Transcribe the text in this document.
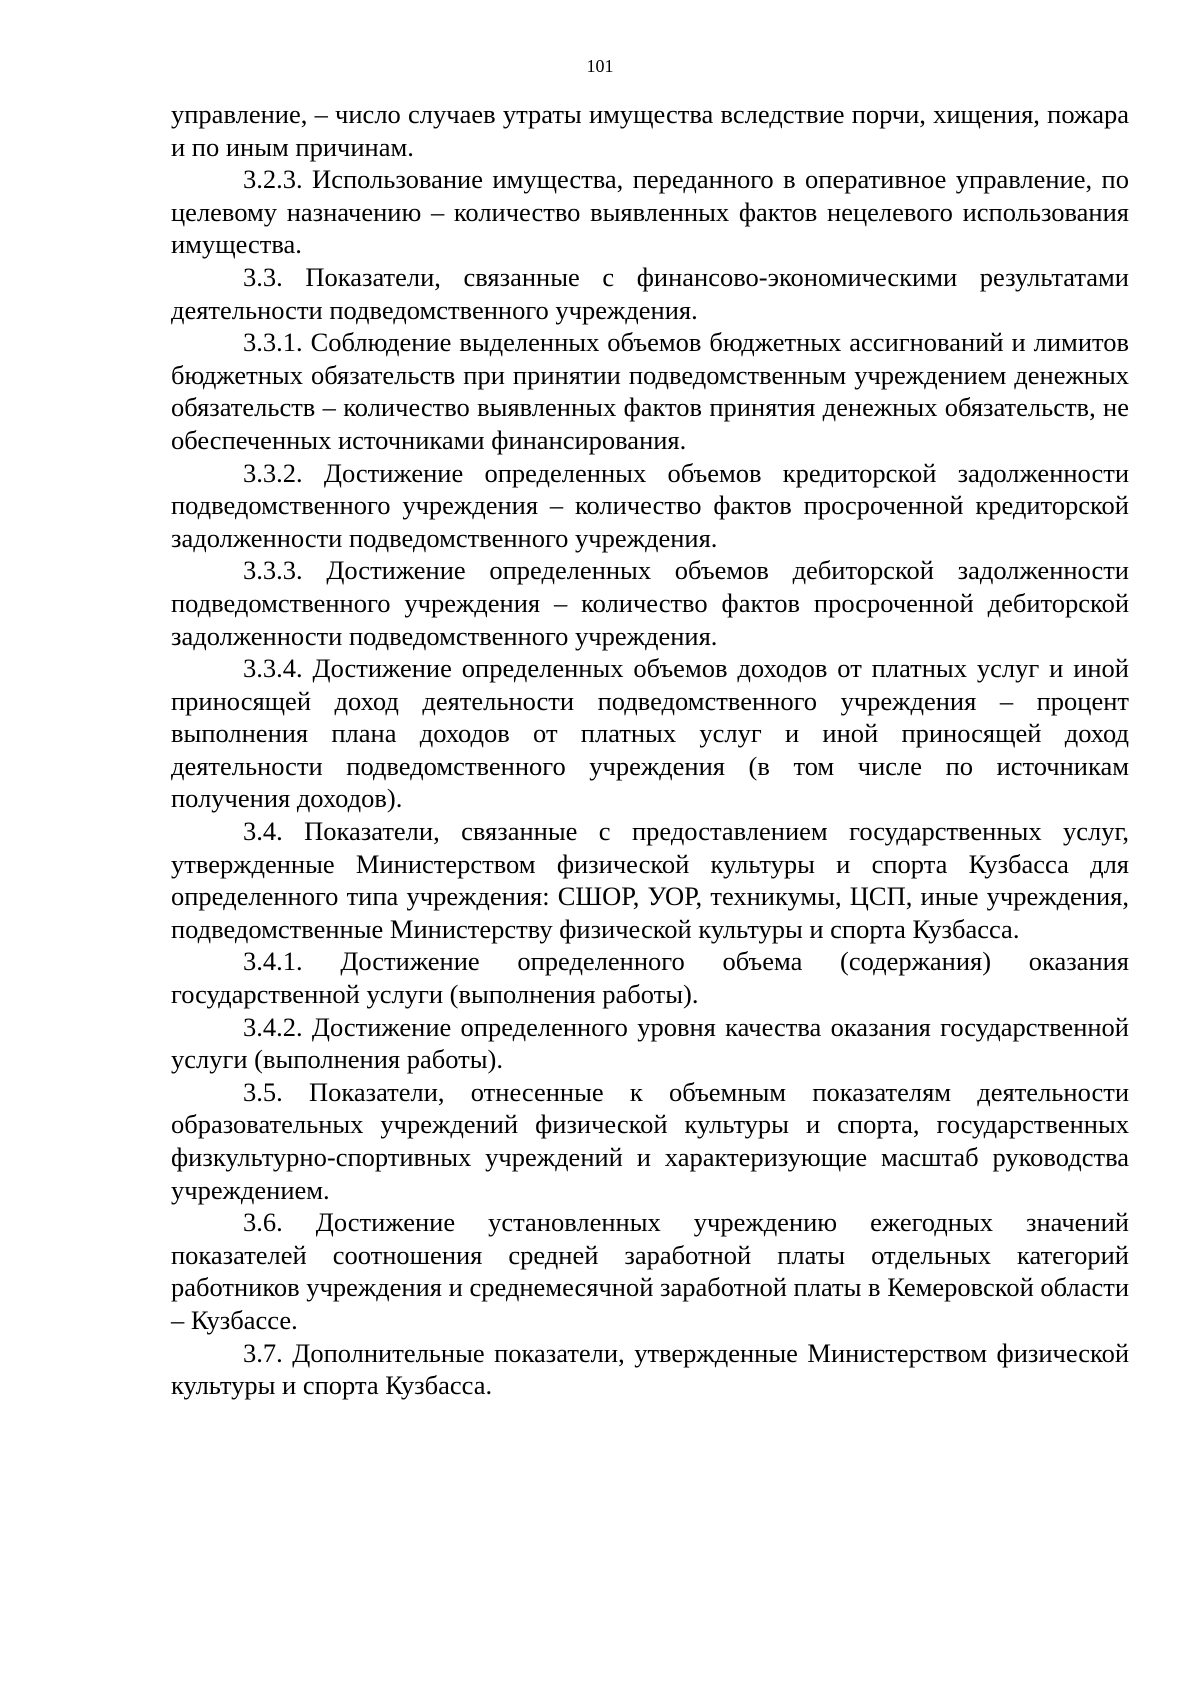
101

управление, – число случаев утраты имущества вследствие порчи, хищения, пожара и по иным причинам.

3.2.3. Использование имущества, переданного в оперативное управление, по целевому назначению – количество выявленных фактов нецелевого использования имущества.

3.3. Показатели, связанные с финансово-экономическими результатами деятельности подведомственного учреждения.

3.3.1. Соблюдение выделенных объемов бюджетных ассигнований и лимитов бюджетных обязательств при принятии подведомственным учреждением денежных обязательств – количество выявленных фактов принятия денежных обязательств, не обеспеченных источниками финансирования.

3.3.2. Достижение определенных объемов кредиторской задолженности подведомственного учреждения – количество фактов просроченной кредиторской задолженности подведомственного учреждения.

3.3.3. Достижение определенных объемов дебиторской задолженности подведомственного учреждения – количество фактов просроченной дебиторской задолженности подведомственного учреждения.

3.3.4. Достижение определенных объемов доходов от платных услуг и иной приносящей доход деятельности подведомственного учреждения – процент выполнения плана доходов от платных услуг и иной приносящей доход деятельности подведомственного учреждения (в том числе по источникам получения доходов).

3.4. Показатели, связанные с предоставлением государственных услуг, утвержденные Министерством физической культуры и спорта Кузбасса для определенного типа учреждения: СШОР, УОР, техникумы, ЦСП, иные учреждения, подведомственные Министерству физической культуры и спорта Кузбасса.

3.4.1. Достижение определенного объема (содержания) оказания государственной услуги (выполнения работы).

3.4.2. Достижение определенного уровня качества оказания государственной услуги (выполнения работы).

3.5. Показатели, отнесенные к объемным показателям деятельности образовательных учреждений физической культуры и спорта, государственных физкультурно-спортивных учреждений и характеризующие масштаб руководства учреждением.

3.6. Достижение установленных учреждению ежегодных значений показателей соотношения средней заработной платы отдельных категорий работников учреждения и среднемесячной заработной платы в Кемеровской области – Кузбассе.

3.7. Дополнительные показатели, утвержденные Министерством физической культуры и спорта Кузбасса.
